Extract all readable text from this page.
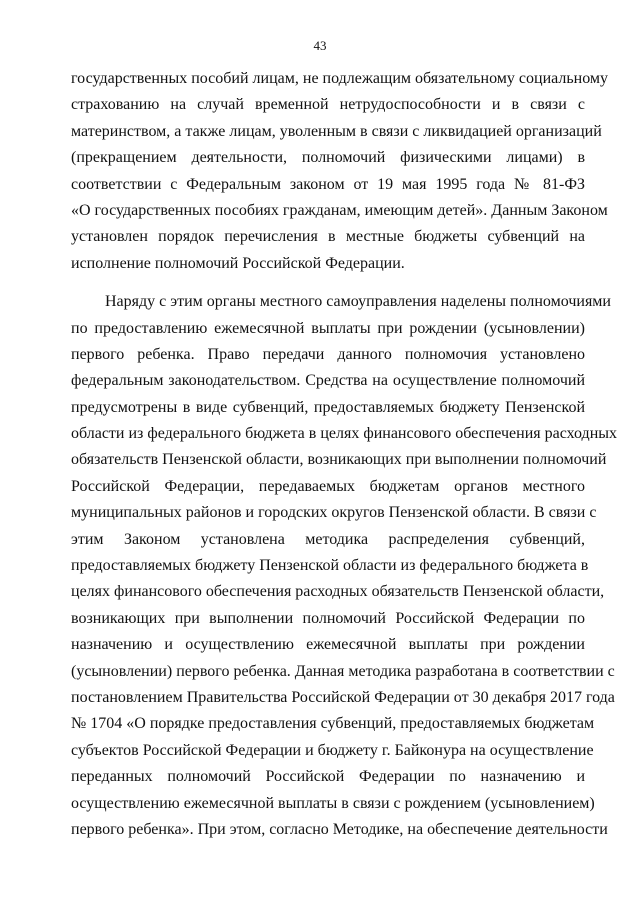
43

государственных пособий лицам, не подлежащим обязательному социальному
страхованию на случай временной нетрудоспособности и в связи с
материнством, а также лицам, уволенным в связи с ликвидацией организаций
(прекращением деятельности, полномочий физическими лицами) в
соответствии с Федеральным законом от 19 мая 1995 года № 81-ФЗ
«О государственных пособиях гражданам, имеющим детей». Данным Законом
установлен порядок перечисления в местные бюджеты субвенций на
исполнение полномочий Российской Федерации.

Наряду с этим органы местного самоуправления наделены полномочиями
по предоставлению ежемесячной выплаты при рождении (усыновлении)
первого ребенка. Право передачи данного полномочия установлено
федеральным законодательством. Средства на осуществление полномочий
предусмотрены в виде субвенций, предоставляемых бюджету Пензенской
области из федерального бюджета в целях финансового обеспечения расходных
обязательств Пензенской области, возникающих при выполнении полномочий
Российской Федерации, передаваемых бюджетам органов местного
муниципальных районов и городских округов Пензенской области. В связи с
этим Законом установлена методика распределения субвенций,
предоставляемых бюджету Пензенской области из федерального бюджета в
целях финансового обеспечения расходных обязательств Пензенской области,
возникающих при выполнении полномочий Российской Федерации по
назначению и осуществлению ежемесячной выплаты при рождении
(усыновлении) первого ребенка. Данная методика разработана в соответствии с
постановлением Правительства Российской Федерации от 30 декабря 2017 года
№ 1704 «О порядке предоставления субвенций, предоставляемых бюджетам
субъектов Российской Федерации и бюджету г. Байконура на осуществление
переданных полномочий Российской Федерации по назначению и
осуществлению ежемесячной выплаты в связи с рождением (усыновлением)
первого ребенка». При этом, согласно Методике, на обеспечение деятельности
